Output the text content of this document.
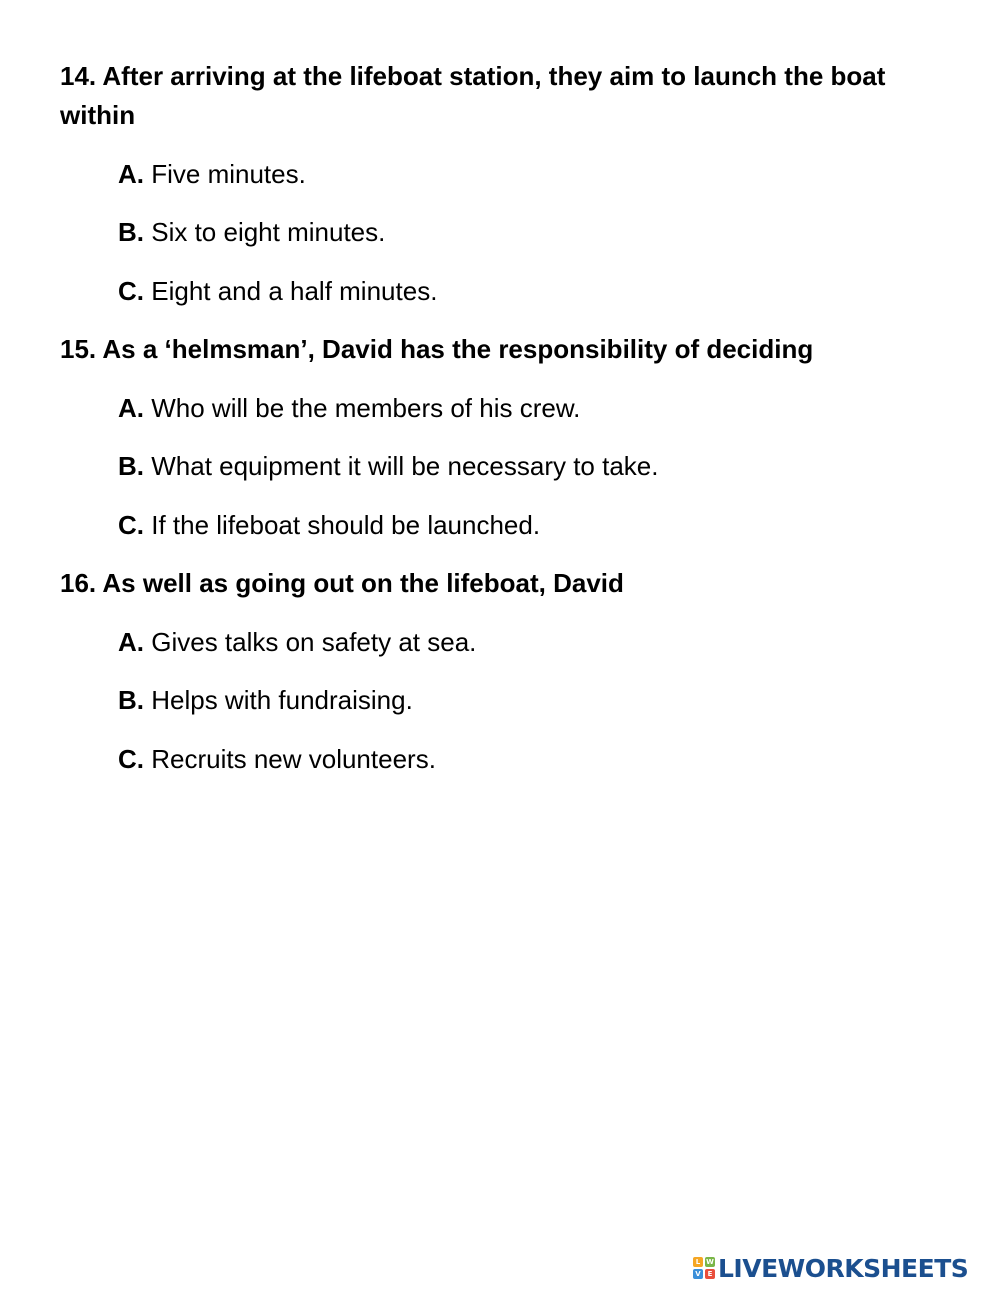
14. After arriving at the lifeboat station, they aim to launch the boat within

A. Five minutes.

B. Six to eight minutes.

C. Eight and a half minutes.

15. As a ‘helmsman’, David has the responsibility of deciding

A. Who will be the members of his crew.

B. What equipment it will be necessary to take.

C. If the lifeboat should be launched.

16. As well as going out on the lifeboat, David

A. Gives talks on safety at sea.

B. Helps with fundraising.

C. Recruits new volunteers.

L W
V E LIVEWORKSHEETS
